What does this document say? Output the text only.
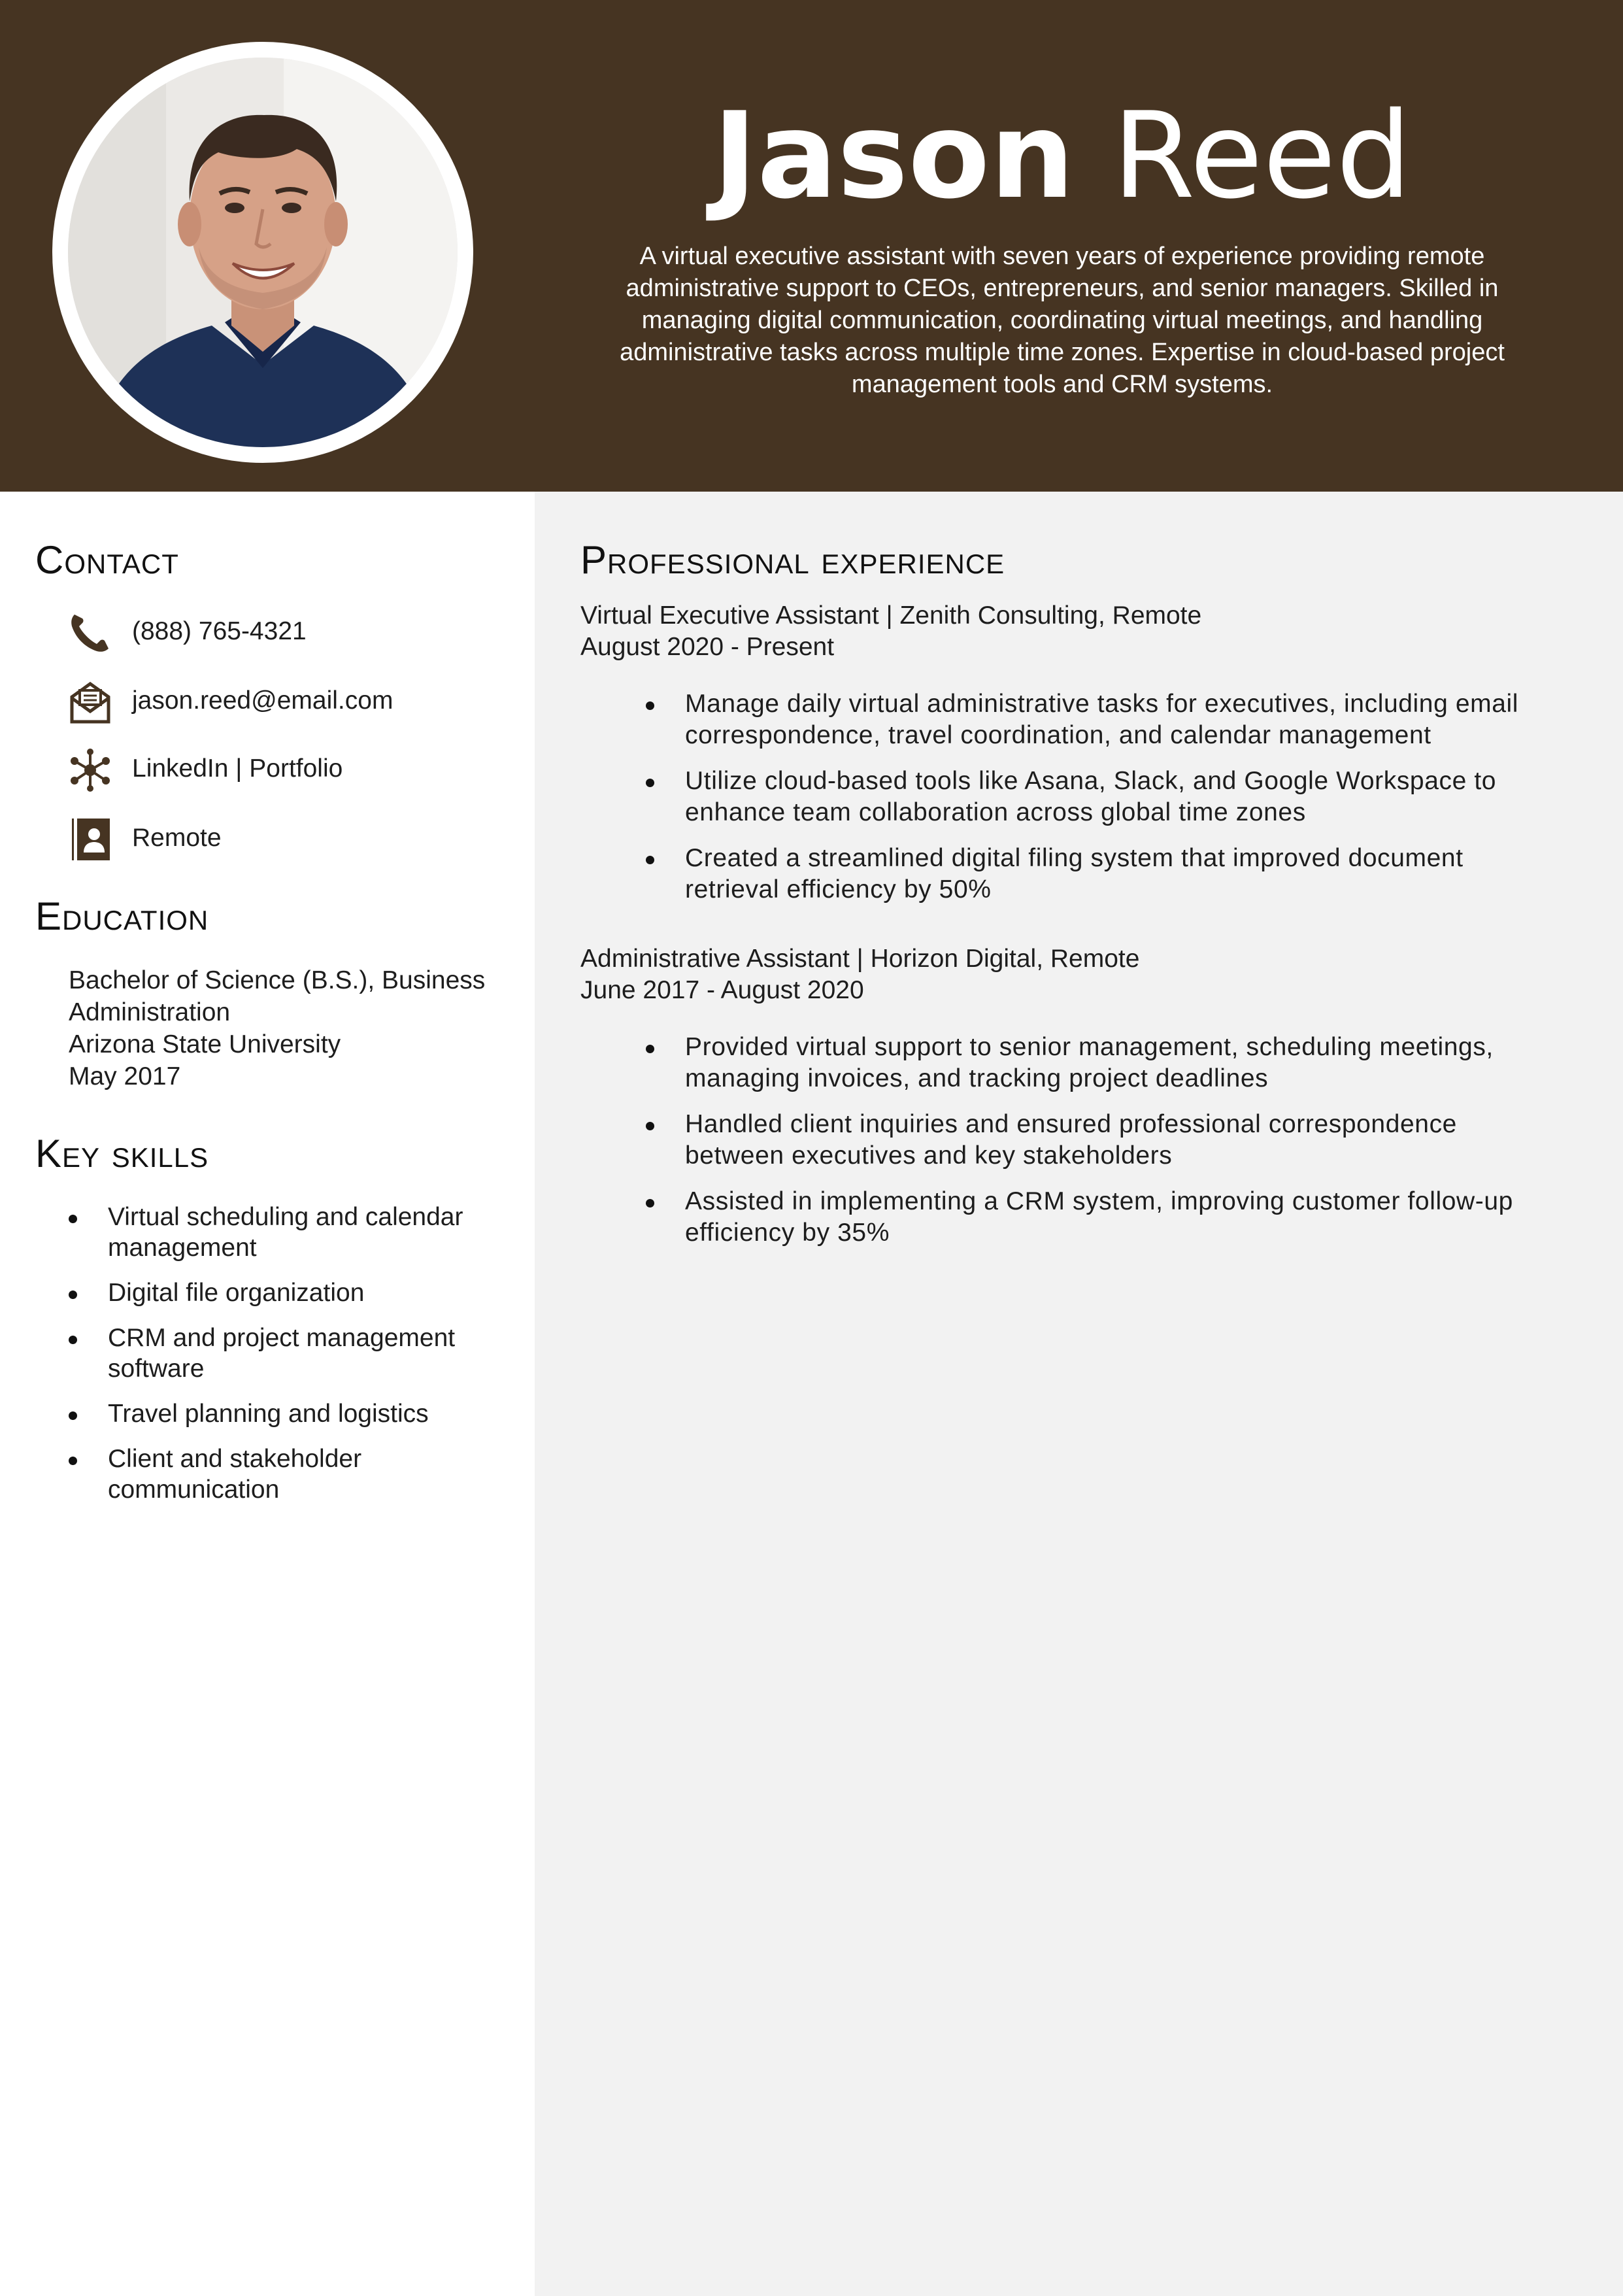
Jason Reed
A virtual executive assistant with seven years of experience providing remote administrative support to CEOs, entrepreneurs, and senior managers. Skilled in managing digital communication, coordinating virtual meetings, and handling administrative tasks across multiple time zones. Expertise in cloud-based project management tools and CRM systems.
Contact
(888) 765-4321
jason.reed@email.com
LinkedIn | Portfolio
Remote
Education
Bachelor of Science (B.S.), Business Administration
Arizona State University
May 2017
Key skills
Virtual scheduling and calendar management
Digital file organization
CRM and project management software
Travel planning and logistics
Client and stakeholder communication
Professional experience
Virtual Executive Assistant | Zenith Consulting, Remote
August 2020 - Present
Manage daily virtual administrative tasks for executives, including email correspondence, travel coordination, and calendar management
Utilize cloud-based tools like Asana, Slack, and Google Workspace to enhance team collaboration across global time zones
Created a streamlined digital filing system that improved document retrieval efficiency by 50%
Administrative Assistant | Horizon Digital, Remote
June 2017 - August 2020
Provided virtual support to senior management, scheduling meetings, managing invoices, and tracking project deadlines
Handled client inquiries and ensured professional correspondence between executives and key stakeholders
Assisted in implementing a CRM system, improving customer follow-up efficiency by 35%
